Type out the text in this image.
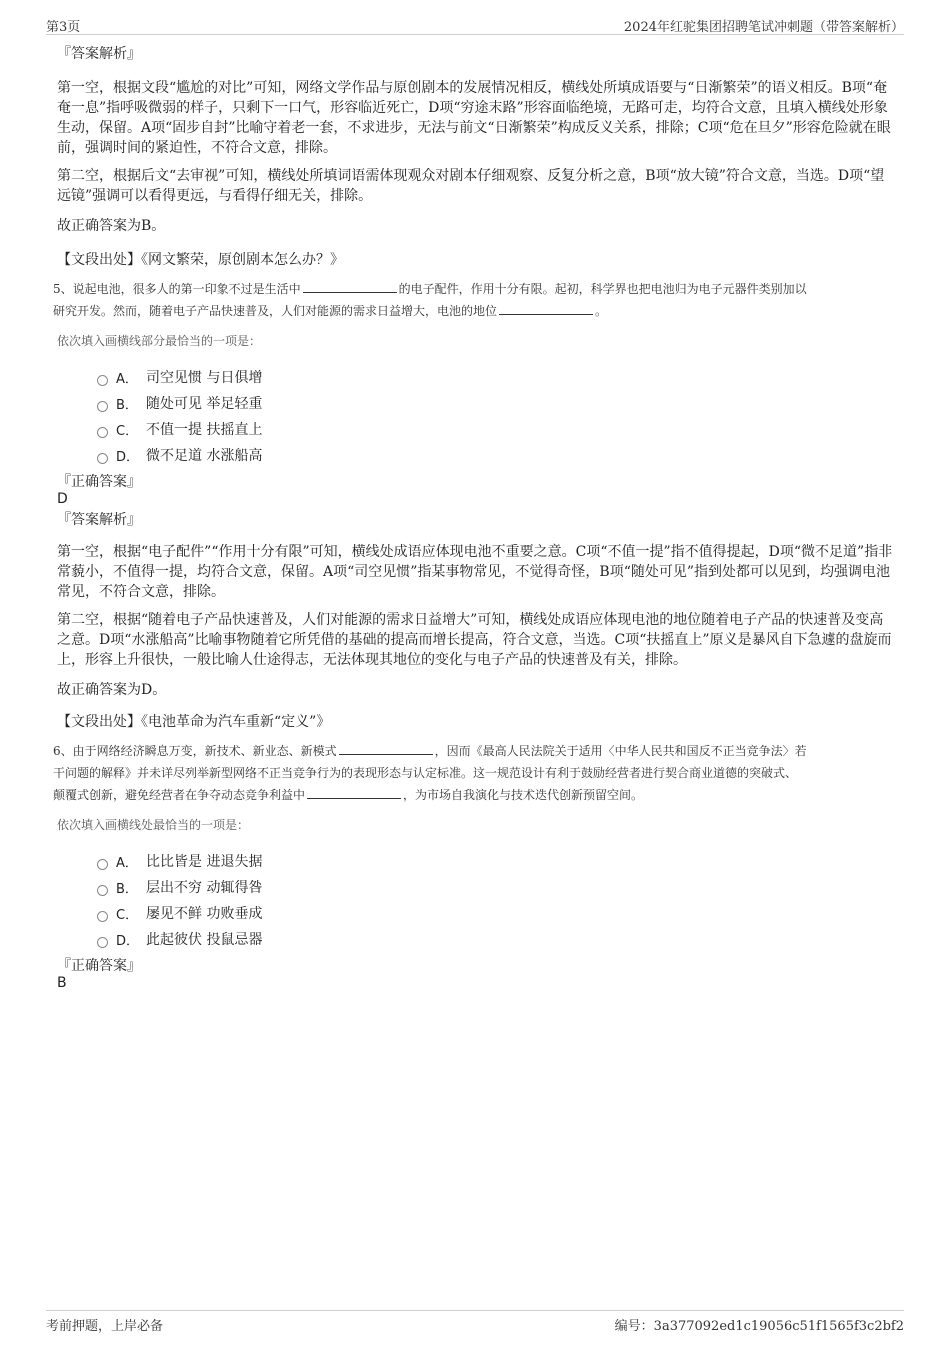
第3页	2024年红驼集团招聘笔试冲刺题（带答案解析）
『答案解析』

第一空，根据文段“尴尬的对比”可知，网络文学作品与原创剧本的发展情况相反，横线处所填成语要与“日渐繁荣”的语义相反。B项“奄奄一息”指呼吸微弱的样子，只剩下一口气，形容临近死亡，D项“穷途末路”形容面临绝境，无路可走，均符合文意，且填入横线处形象生动，保留。A项“固步自封”比喻守着老一套，不求进步，无法与前文“日渐繁荣”构成反义关系，排除；C项“危在旦夕”形容危险就在眼前，强调时间的紧迫性，不符合文意，排除。

第二空，根据后文“去审视”可知，横线处所填词语需体现观众对剧本仔细观察、反复分析之意，B项“放大镜”符合文意，当选。D项“望远镜”强调可以看得更远，与看得仔细无关，排除。

故正确答案为B。

【文段出处】《网文繁荣，原创剧本怎么办？》

5、说起电池，很多人的第一印象不过是生活中	的电子配件，作用十分有限。起初，科学界也把电池归为电子元器件类别加以
研究开发。然而，随着电子产品快速普及，人们对能源的需求日益增大，电池的地位	。

依次填入画横线部分最恰当的一项是：
A． 司空见惯 与日俱增
B． 随处可见 举足轻重
C． 不值一提 扶摇直上
D． 微不足道 水涨船高
『正确答案』
D
『答案解析』

第一空，根据“电子配件”“作用十分有限”可知，横线处成语应体现电池不重要之意。C项“不值一提”指不值得提起，D项“微不足道”指非常藐小，不值得一提，均符合文意，保留。A项“司空见惯”指某事物常见，不觉得奇怪，B项“随处可见”指到处都可以见到，均强调电池常见，不符合文意，排除。

第二空，根据“随着电子产品快速普及，人们对能源的需求日益增大”可知，横线处成语应体现电池的地位随着电子产品的快速普及变高之意。D项“水涨船高”比喻事物随着它所凭借的基础的提高而增长提高，符合文意，当选。C项“扶摇直上”原义是暴风自下急遽的盘旋而上，形容上升很快，一般比喻人仕途得志，无法体现其地位的变化与电子产品的快速普及有关，排除。

故正确答案为D。

【文段出处】《电池革命为汽车重新“定义”》

6、由于网络经济瞬息万变，新技术、新业态、新模式	，因而《最高人民法院关于适用〈中华人民共和国反不正当竞争法〉若
干问题的解释》并未详尽列举新型网络不正当竞争行为的表现形态与认定标准。这一规范设计有利于鼓励经营者进行契合商业道德的突破式、
颠覆式创新，避免经营者在争夺动态竞争利益中	，为市场自我演化与技术迭代创新预留空间。

依次填入画横线处最恰当的一项是：
A． 比比皆是 进退失据
B． 层出不穷 动辄得咎
C． 屡见不鲜 功败垂成
D． 此起彼伏 投鼠忌器
『正确答案』
B
考前押题，上岸必备	编号：3a377092ed1c19056c51f1565f3c2bf2
